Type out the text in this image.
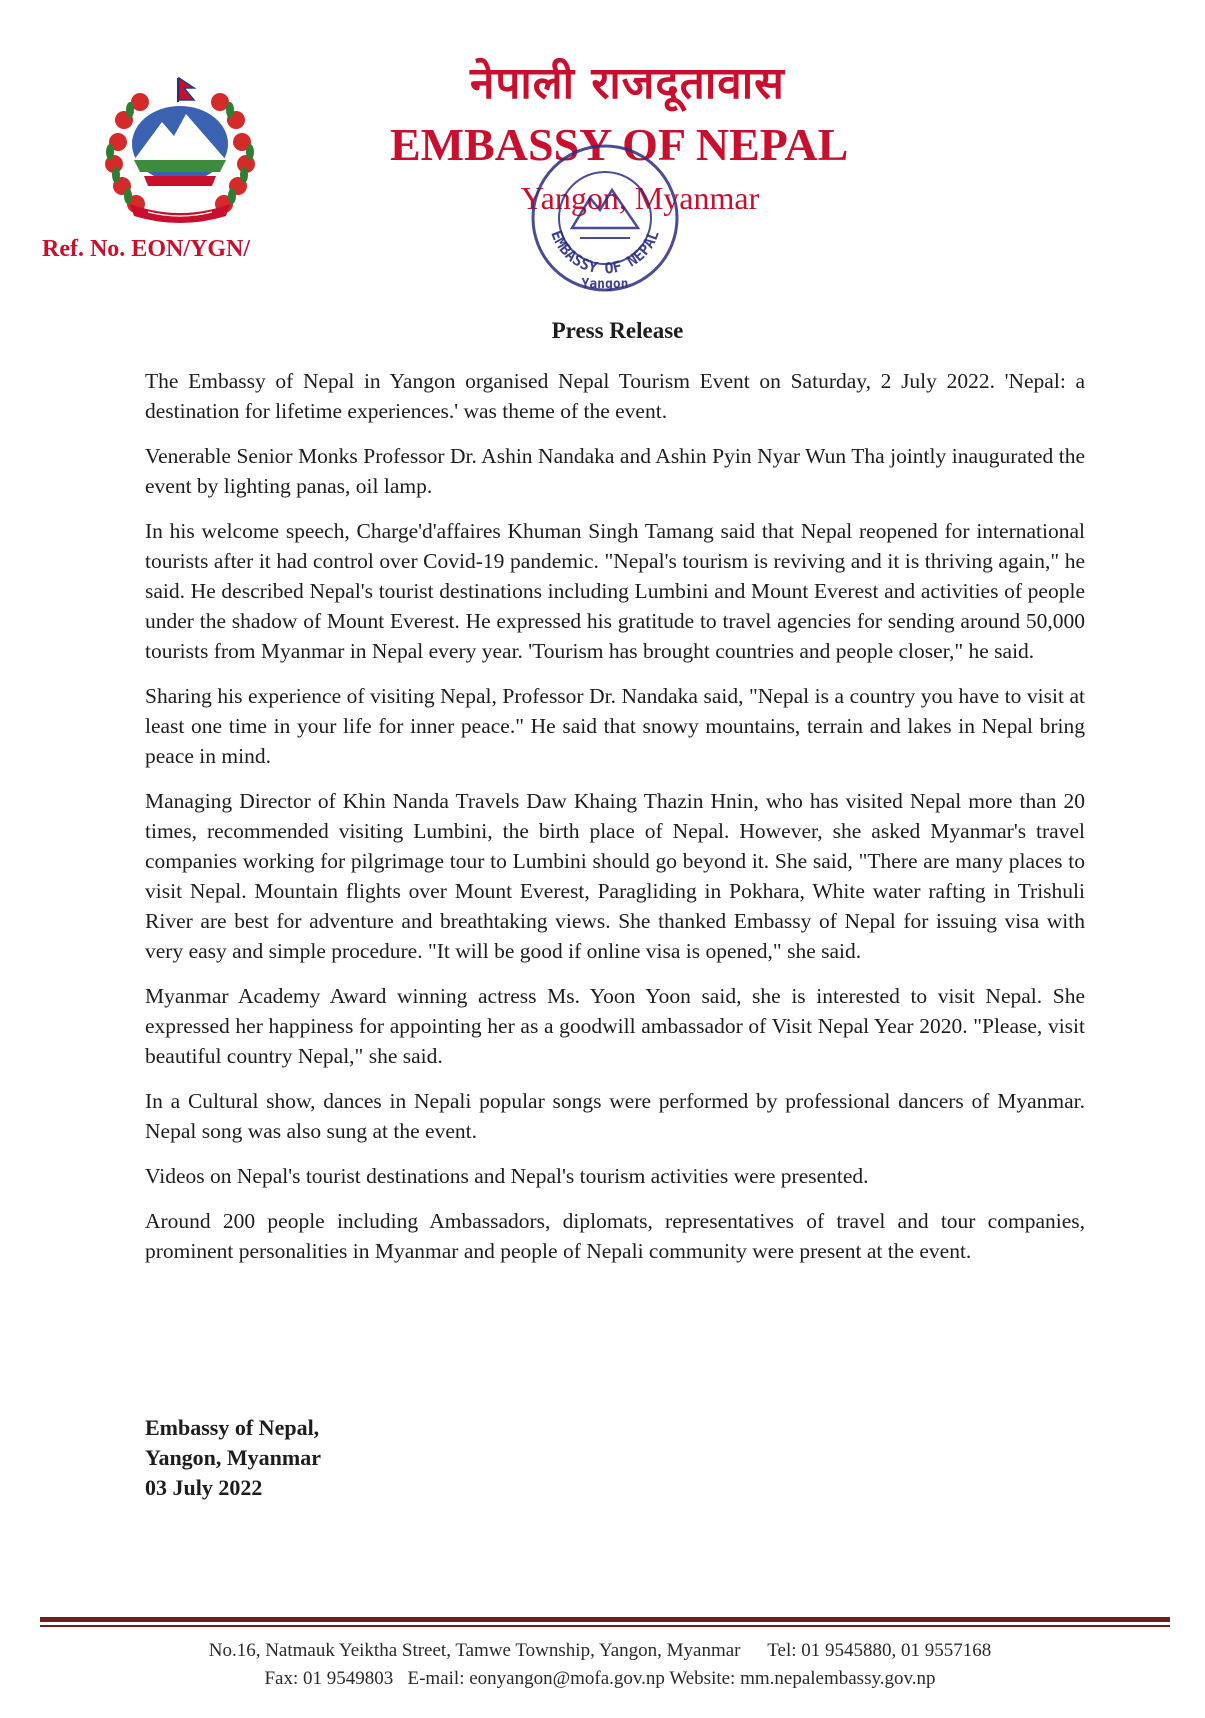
नेपाली राजदूतावास
EMBASSY OF NEPAL
Yangon, Myanmar
EMBASSY OF NEPAL
Yangon
Ref. No. EON/YGN/
Press Release

The Embassy of Nepal in Yangon organised Nepal Tourism Event on Saturday, 2 July 2022. 'Nepal: a destination for lifetime experiences.' was theme of the event.

Venerable Senior Monks Professor Dr. Ashin Nandaka and Ashin Pyin Nyar Wun Tha jointly inaugurated the event by lighting panas, oil lamp.

In his welcome speech, Charge'd'affaires Khuman Singh Tamang said that Nepal reopened for international tourists after it had control over Covid-19 pandemic. "Nepal's tourism is reviving and it is thriving again," he said. He described Nepal's tourist destinations including Lumbini and Mount Everest and activities of people under the shadow of Mount Everest. He expressed his gratitude to travel agencies for sending around 50,000 tourists from Myanmar in Nepal every year. 'Tourism has brought countries and people closer," he said.

Sharing his experience of visiting Nepal, Professor Dr. Nandaka said, "Nepal is a country you have to visit at least one time in your life for inner peace." He said that snowy mountains, terrain and lakes in Nepal bring peace in mind.

Managing Director of Khin Nanda Travels Daw Khaing Thazin Hnin, who has visited Nepal more than 20 times, recommended visiting Lumbini, the birth place of Nepal. However, she asked Myanmar's travel companies working for pilgrimage tour to Lumbini should go beyond it. She said, "There are many places to visit Nepal. Mountain flights over Mount Everest, Paragliding in Pokhara, White water rafting in Trishuli River are best for adventure and breathtaking views. She thanked Embassy of Nepal for issuing visa with very easy and simple procedure. "It will be good if online visa is opened," she said.

Myanmar Academy Award winning actress Ms. Yoon Yoon said, she is interested to visit Nepal. She expressed her happiness for appointing her as a goodwill ambassador of Visit Nepal Year 2020. "Please, visit beautiful country Nepal," she said.

In a Cultural show, dances in Nepali popular songs were performed by professional dancers of Myanmar. Nepal song was also sung at the event.

Videos on Nepal's tourist destinations and Nepal's tourism activities were presented.

Around 200 people including Ambassadors, diplomats, representatives of travel and tour companies, prominent personalities in Myanmar and people of Nepali community were present at the event.

Embassy of Nepal,
Yangon, Myanmar
03 July 2022
No.16, Natmauk Yeiktha Street, Tamwe Township, Yangon, Myanmar Tel: 01 9545880, 01 9557168
Fax: 01 9549803 E-mail: eonyangon@mofa.gov.np Website: mm.nepalembassy.gov.np
